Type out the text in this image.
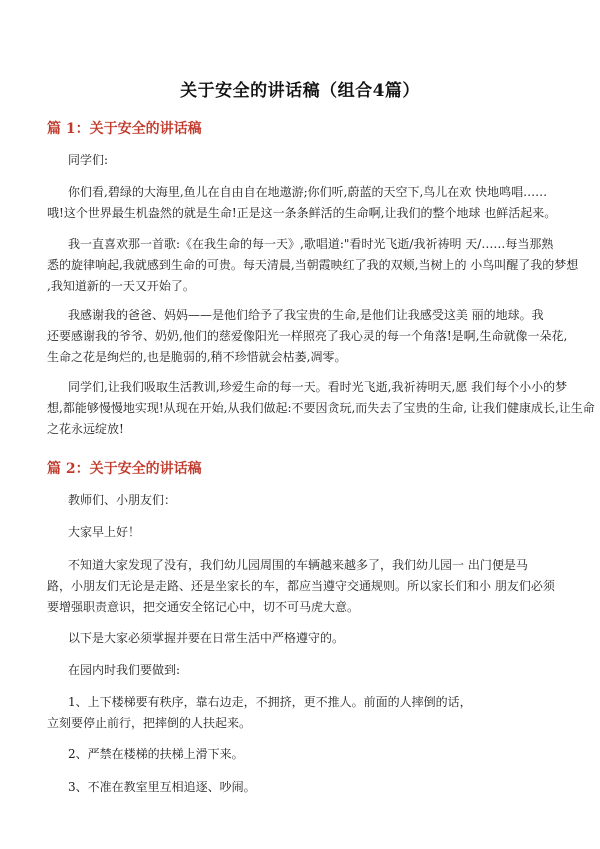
关于安全的讲话稿（组合4篇）
篇 1：关于安全的讲话稿
同学们:
你们看,碧绿的大海里,鱼儿在自由自在地遨游;你们听,蔚蓝的天空下,鸟儿在欢 快地鸣唱……
哦!这个世界最生机盎然的就是生命!正是这一条条鲜活的生命啊,让我们的整个地球 也鲜活起来。
我一直喜欢那一首歌:《在我生命的每一天》,歌唱道:"看时光飞逝/我祈祷明 天/……每当那熟
悉的旋律响起,我就感到生命的可贵。每天清晨,当朝霞映红了我的双颊,当树上的 小鸟叫醒了我的梦想
,我知道新的一天又开始了。
我感谢我的爸爸、妈妈——是他们给予了我宝贵的生命,是他们让我感受这美 丽的地球。我
还要感谢我的爷爷、奶奶,他们的慈爱像阳光一样照亮了我心灵的每一个角落!是啊,生命就像一朵花,
生命之花是绚烂的,也是脆弱的,稍不珍惜就会枯萎,凋零。
同学们,让我们吸取生活教训,珍爱生命的每一天。看时光飞逝,我祈祷明天,愿 我们每个小小的梦
想,都能够慢慢地实现!从现在开始,从我们做起:不要因贪玩,而失去了宝贵的生命, 让我们健康成长,让生命
之花永远绽放!
篇 2：关于安全的讲话稿
教师们、小朋友们：
大家早上好！
不知道大家发现了没有，我们幼儿园周围的车辆越来越多了，我们幼儿园一 出门便是马
路，小朋友们无论是走路、还是坐家长的车，都应当遵守交通规则。所以家长们和小 朋友们必须
要增强职责意识，把交通安全铭记心中，切不可马虎大意。
以下是大家必须掌握并要在日常生活中严格遵守的。
在园内时我们要做到:
1、上下楼梯要有秩序，靠右边走，不拥挤，更不推人。前面的人摔倒的话，
立刻要停止前行，把摔倒的人扶起来。
2、严禁在楼梯的扶梯上滑下来。
3、不准在教室里互相追逐、吵闹。
